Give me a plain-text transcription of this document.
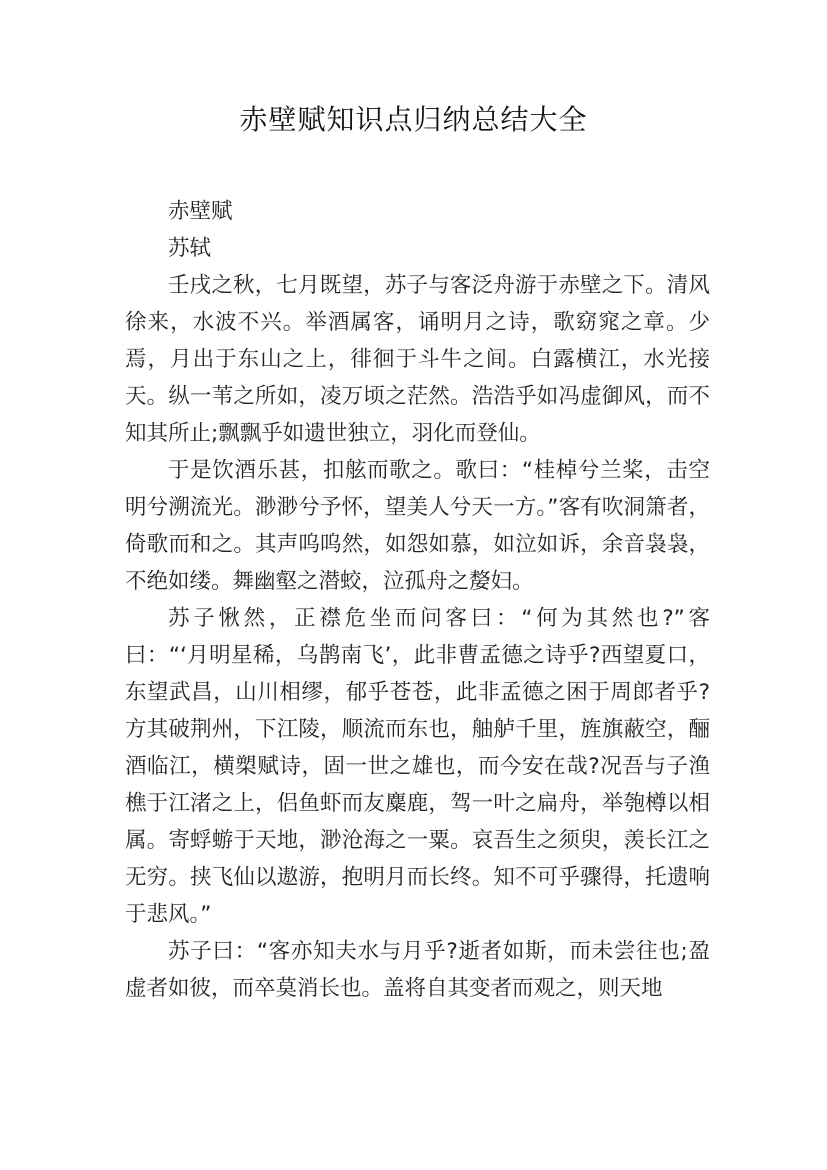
赤壁赋知识点归纳总结大全

赤壁赋

苏轼

壬戌之秋，七月既望，苏子与客泛舟游于赤壁之下。清风徐来，水波不兴。举酒属客，诵明月之诗，歌窈窕之章。少焉，月出于东山之上，徘徊于斗牛之间。白露横江，水光接天。纵一苇之所如，凌万顷之茫然。浩浩乎如冯虚御风，而不知其所止;飘飘乎如遗世独立，羽化而登仙。

于是饮酒乐甚，扣舷而歌之。歌曰：“桂棹兮兰桨，击空明兮溯流光。渺渺兮予怀，望美人兮天一方。”客有吹洞箫者，倚歌而和之。其声呜呜然，如怨如慕，如泣如诉，余音袅袅，不绝如缕。舞幽壑之潜蛟，泣孤舟之嫠妇。

苏子愀然，正襟危坐而问客曰：“何为其然也?”客曰：“‘月明星稀，乌鹊南飞’，此非曹孟德之诗乎?西望夏口，东望武昌，山川相缪，郁乎苍苍，此非孟德之困于周郎者乎?方其破荆州，下江陵，顺流而东也，舳舻千里，旌旗蔽空，酾酒临江，横槊赋诗，固一世之雄也，而今安在哉?况吾与子渔樵于江渚之上，侣鱼虾而友麋鹿，驾一叶之扁舟，举匏樽以相属。寄蜉蝣于天地，渺沧海之一粟。哀吾生之须臾，羡长江之无穷。挟飞仙以遨游，抱明月而长终。知不可乎骤得，托遗响于悲风。”

苏子曰：“客亦知夫水与月乎?逝者如斯，而未尝往也;盈虚者如彼，而卒莫消长也。盖将自其变者而观之，则天地
